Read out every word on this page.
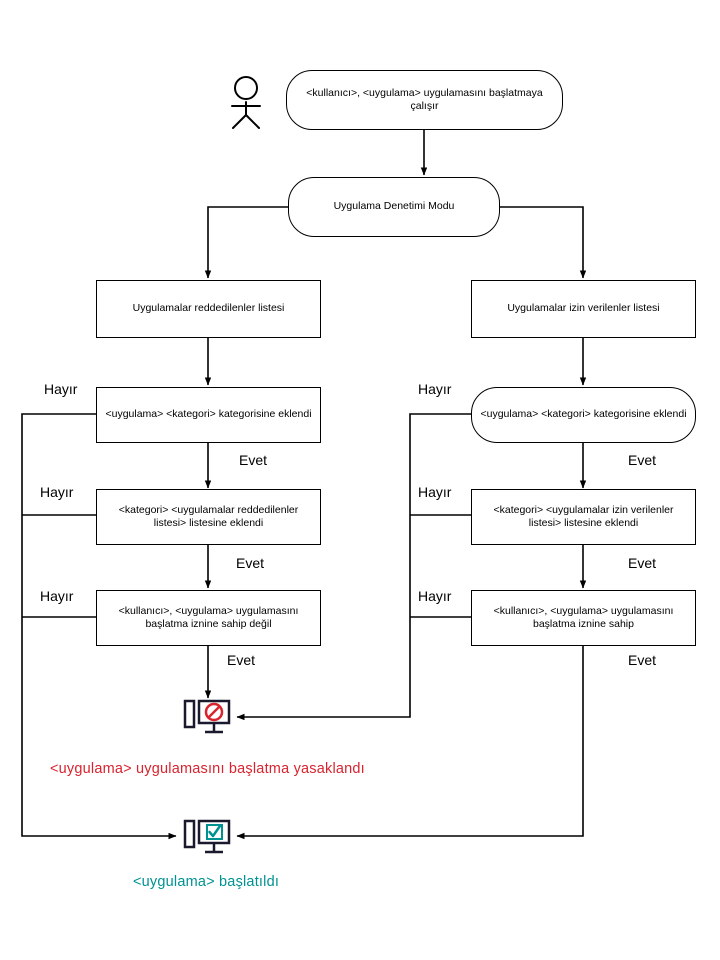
<kullanıcı>, <uygulama> uygulamasını başlatmaya çalışır
Uygulama Denetimi Modu
Uygulamalar reddedilenler listesi	Uygulamalar izin verilenler listesi
<uygulama> <kategori> kategorisine eklendi	<uygulama> <kategori> kategorisine eklendi
<kategori> <uygulamalar reddedilenler listesi> listesine eklendi
<kategori> <uygulamalar izin verilenler listesi> listesine eklendi
<kullanıcı>, <uygulama> uygulamasını başlatma iznine sahip değil
<kullanıcı>, <uygulama> uygulamasını başlatma iznine sahip
Hayır
Hayır
Hayır
Hayır
Hayır
Hayır
Evet
Evet
Evet
Evet
Evet
Evet
<uygulama> uygulamasını başlatma yasaklandı
<uygulama> başlatıldı
